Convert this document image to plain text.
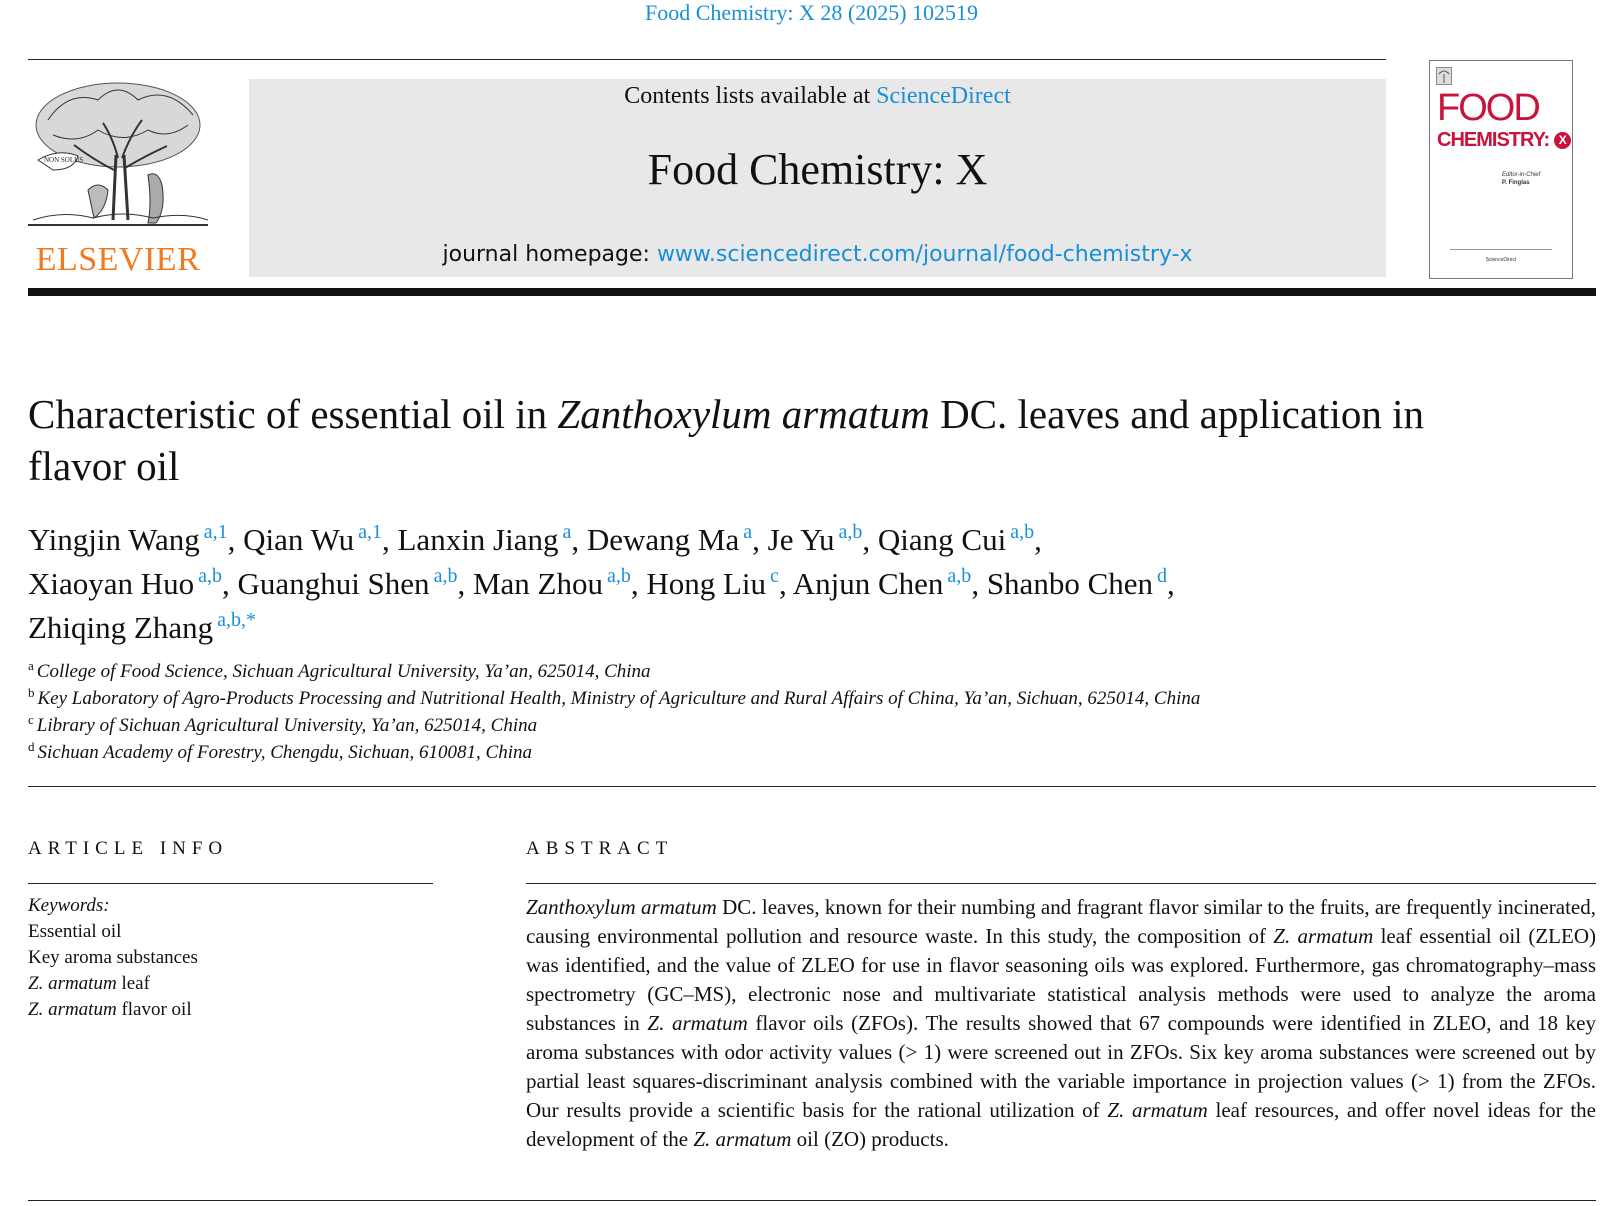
Food Chemistry: X 28 (2025) 102519
NON SOLUS
ELSEVIER
Contents lists available at ScienceDirect
Food Chemistry: X
journal homepage: www.sciencedirect.com/journal/food-chemistry-x
FOOD
CHEMISTRY: X
Editor-in-Chief
P. Finglas
ScienceDirect
Characteristic of essential oil in Zanthoxylum armatum DC. leaves and application in flavor oil
Yingjin Wang $^{a,1}$, Qian Wu $^{a,1}$, Lanxin Jiang $^a$, Dewang Ma $^a$, Je Yu $^{a,b}$, Qiang Cui $^{a,b}$,
Xiaoyan Huo $^{a,b}$, Guanghui Shen $^{a,b}$, Man Zhou $^{a,b}$, Hong Liu $^c$, Anjun Chen $^{a,b}$, Shanbo Chen $^d$,
Zhiqing Zhang $^{a,b,*}$
$^a$ College of Food Science, Sichuan Agricultural University, Ya’an, 625014, China
$^b$ Key Laboratory of Agro-Products Processing and Nutritional Health, Ministry of Agriculture and Rural Affairs of China, Ya’an, Sichuan, 625014, China
$^c$ Library of Sichuan Agricultural University, Ya’an, 625014, China
$^d$ Sichuan Academy of Forestry, Chengdu, Sichuan, 610081, China
ARTICLE INFO
Keywords:
Essential oil
Key aroma substances
Z. armatum leaf
Z. armatum flavor oil
ABSTRACT
Zanthoxylum armatum DC. leaves, known for their numbing and fragrant flavor similar to the fruits, are frequently incinerated, causing environmental pollution and resource waste. In this study, the composition of Z. armatum leaf essential oil (ZLEO) was identified, and the value of ZLEO for use in flavor seasoning oils was explored. Furthermore, gas chromatography–mass spectrometry (GC–MS), electronic nose and multivariate statistical analysis methods were used to analyze the aroma substances in Z. armatum flavor oils (ZFOs). The results showed that 67 compounds were identified in ZLEO, and 18 key aroma substances with odor activity values (> 1) were screened out in ZFOs. Six key aroma substances were screened out by partial least squares-discriminant analysis combined with the variable importance in projection values (> 1) from the ZFOs. Our results provide a scientific basis for the rational utilization of Z. armatum leaf resources, and offer novel ideas for the development of the Z. armatum oil (ZO) products.
